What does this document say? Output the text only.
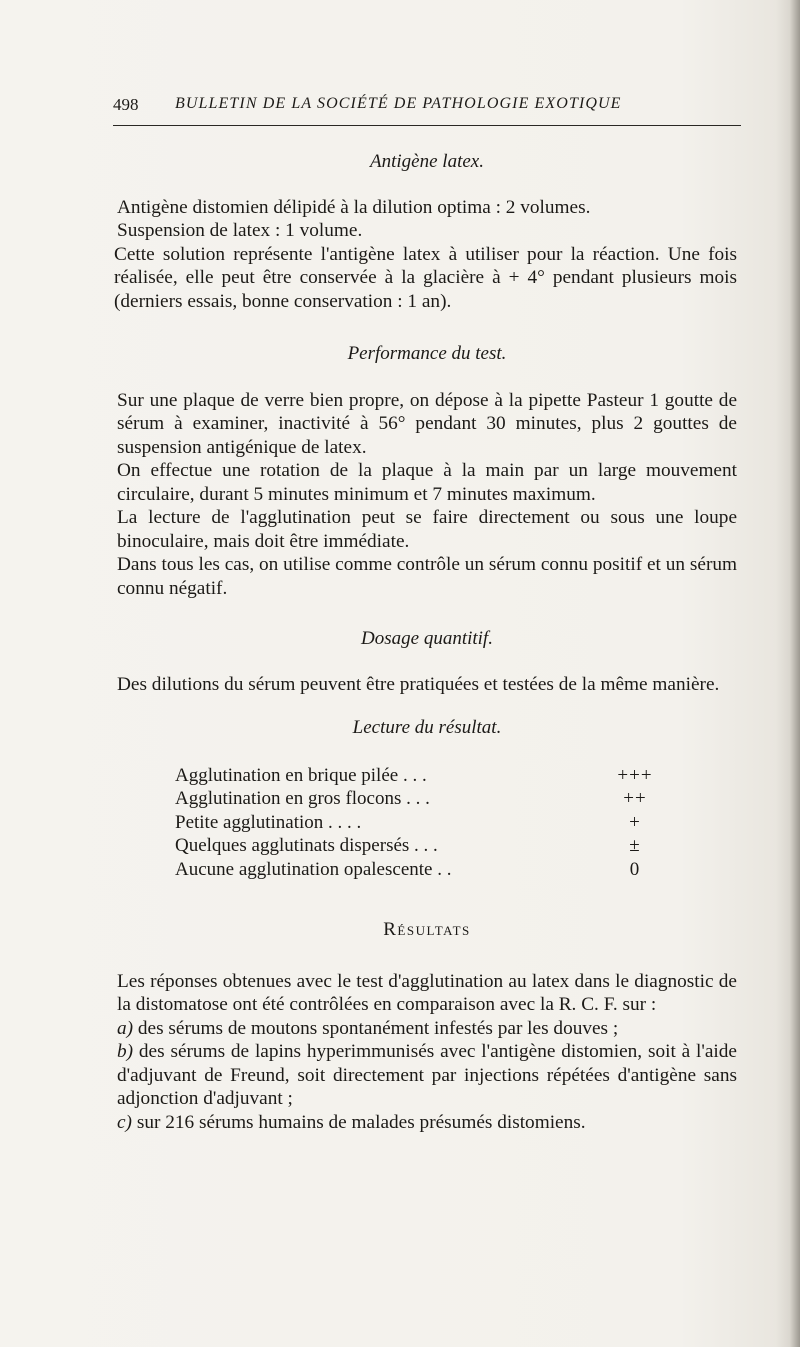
498 BULLETIN DE LA SOCIÉTÉ DE PATHOLOGIE EXOTIQUE

Antigène latex.

Antigène distomien délipidé à la dilution optima : 2 volumes.

Suspension de latex : 1 volume.

Cette solution représente l'antigène latex à utiliser pour la réaction. Une fois réalisée, elle peut être conservée à la glacière à + 4° pendant plusieurs mois (derniers essais, bonne conservation : 1 an).

Performance du test.

Sur une plaque de verre bien propre, on dépose à la pipette Pasteur 1 goutte de sérum à examiner, inactivité à 56° pendant 30 minutes, plus 2 gouttes de suspension antigénique de latex.

On effectue une rotation de la plaque à la main par un large mouvement circulaire, durant 5 minutes minimum et 7 minutes maximum.

La lecture de l'agglutination peut se faire directement ou sous une loupe binoculaire, mais doit être immédiate.

Dans tous les cas, on utilise comme contrôle un sérum connu positif et un sérum connu négatif.

Dosage quantitif.

Des dilutions du sérum peuvent être pratiquées et testées de la même manière.

Lecture du résultat.

Agglutination en brique pilée . . .	+++
Agglutination en gros flocons . . .	++
Petite agglutination . . . .	+
Quelques agglutinats dispersés . . .	±
Aucune agglutination opalescente . .	0

Résultats

Les réponses obtenues avec le test d'agglutination au latex dans le diagnostic de la distomatose ont été contrôlées en comparaison avec la R. C. F. sur :

a) des sérums de moutons spontanément infestés par les douves ;

b) des sérums de lapins hyperimmunisés avec l'antigène distomien, soit à l'aide d'adjuvant de Freund, soit directement par injections répétées d'antigène sans adjonction d'adjuvant ;

c) sur 216 sérums humains de malades présumés distomiens.
